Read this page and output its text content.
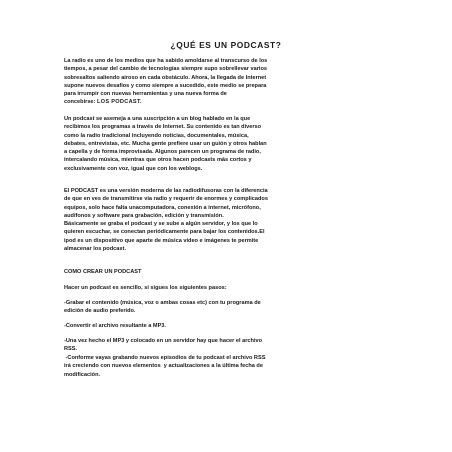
¿QUÉ ES UN PODCAST?
La radio es uno de los medios que ha sabido amoldarse al transcurso de los
tiempos, a pesar del cambio de tecnologías siempre supo sobrellevar varios
sobresaltos saliendo airoso en cada obstáculo. Ahora, la llegada de Internet
supone nuevos desafíos y como siempre a sucedido, este medio se prepara
para irrumpir con nuevas herramientas y una nueva forma de
concebirse: LOS PODCAST.
Un podcast se asemeja a una suscripción a un blog hablado en la que
recibimos los programas a través de Internet. Su contenido es tan diverso
como la radio tradicional incluyendo noticias, documentales, música,
debates, entrevistas, etc. Mucha gente prefiere usar un guión y otros hablan
a capella y de forma improvisada. Algunos parecen un programa de radio,
intercalando música, mientras que otros hacen podcasts más cortos y
exclusivamente con voz, igual que con los weblogs.
El PODCAST es una versión moderna de las radiodifusoras con la diferencia
de que en ves de transmitirse via radio y requerir de enormes y complicados
equipos, solo hace falta unacomputadora, conexión a internet, micrófono,
audífonos y software para grabación, edición y transmisión.
Básicamente se graba el podcast y se sube a algún servidor, y los que lo
quieren escuchar, se conectan periódicamente para bajar los contenidos.El
ipod es un dispositivo que aparte de música video e imágenes te permite
almacenar los podcast.
COMO CREAR UN PODCAST
Hacer un podcast es sencillo, si sigues los siguientes pasos:
-Grabar el contenido (música, voz o ambas cosas etc) con tu programa de
edición de audio preferido.
-Convertir el archivo resultante a MP3.
-Una vez hecho el MP3 y colocado en un servidor hay que hacer el archivo
RSS.
-Conforme vayas grabando nuevos episodios de tu podcast el archivo RSS
irá creciendo con nuevos elementos  y actualizaciones a la última fecha de
modificación.
